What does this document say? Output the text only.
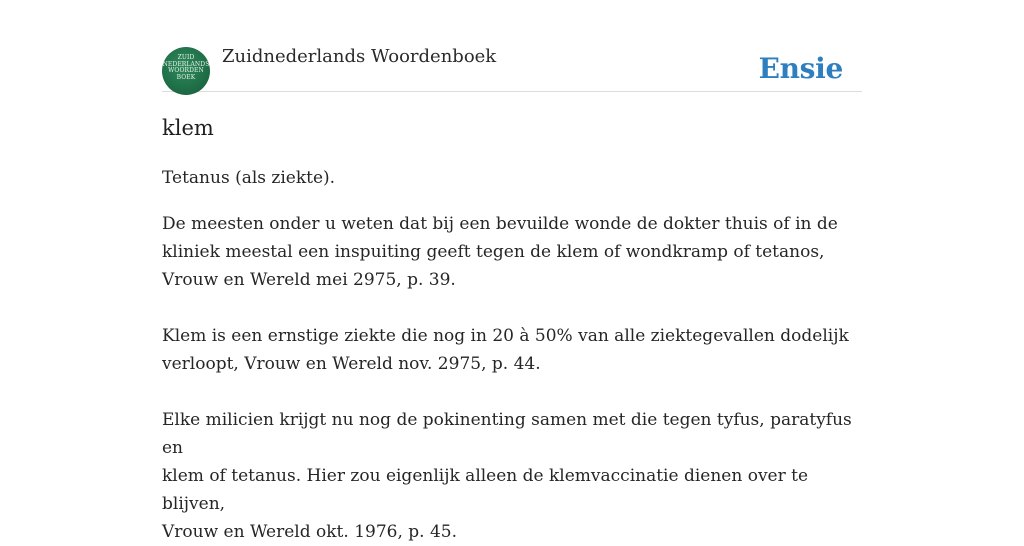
ZUID
NEDERLANDS
WOORDEN
BOEK
Zuidnederlands Woordenboek	Ensie
klem

Tetanus (als ziekte).

De meesten onder u weten dat bij een bevuilde wonde de dokter thuis of in de
kliniek meestal een inspuiting geeft tegen de klem of wondkramp of tetanos,
Vrouw en Wereld mei 2975, p. 39.

Klem is een ernstige ziekte die nog in 20 à 50% van alle ziektegevallen dodelijk
verloopt, Vrouw en Wereld nov. 2975, p. 44.

Elke milicien krijgt nu nog de pokinenting samen met die tegen tyfus, paratyfus en
klem of tetanus. Hier zou eigenlijk alleen de klemvaccinatie dienen over te blijven,
Vrouw en Wereld okt. 1976, p. 45.
